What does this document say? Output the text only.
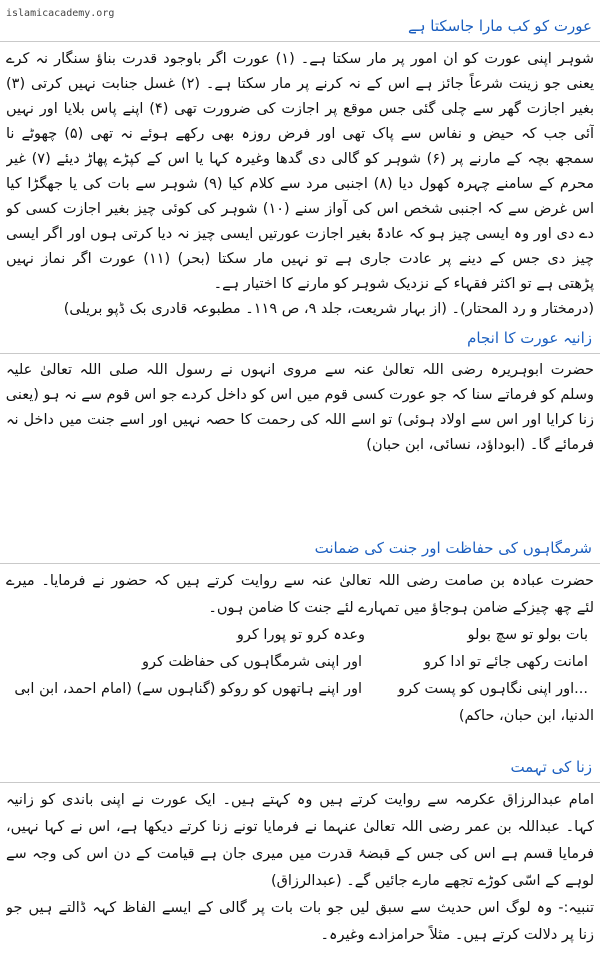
islamicacademy.org
عورت کو کب مارا جاسکتا ہے
شوہر اپنی عورت کو ان امور پر مار سکتا ہے۔ (۱) عورت اگر باوجود قدرت بناؤ سنگار نہ کرے
یعنی جو زینت شرعاً جائز ہے اس کے نہ کرنے پر مار سکتا ہے۔ (۲) غسل جنابت نہیں کرتی (۳)
بغیر اجازت گھر سے چلی گئی جس موقع پر اجازت کی ضرورت تھی (۴) اپنے پاس بلایا اور نہیں
آئی جب کہ حیض و نفاس سے پاک تھی اور فرض روزہ بھی رکھے ہوئے نہ تھی (۵) چھوٹے نا
سمجھ بچہ کے مارنے پر (۶) شوہر کو گالی دی گدھا وغیرہ کہا یا اس کے کپڑے پھاڑ دیئے (۷) غیر
محرم کے سامنے چہرہ کھول دیا (۸) اجنبی مرد سے کلام کیا (۹) شوہر سے بات کی یا جھگڑا کیا
اس غرض سے کہ اجنبی شخص اس کی آواز سنے (۱۰) شوہر کی کوئی چیز بغیر اجازت کسی کو
دے دی اور وہ ایسی چیز ہو کہ عادۃً بغیر اجازت عورتیں ایسی چیز نہ دیا کرتی ہوں اور اگر ایسی
چیز دی جس کے دینے پر عادت جاری ہے تو نہیں مار سکتا (بحر) (۱۱) عورت اگر نماز نہیں
پڑھتی ہے تو اکثر فقہاء کے نزدیک شوہر کو مارنے کا اختیار ہے۔
(درمختار و رد المحتار)۔ (از بہار شریعت، جلد ۹، ص ۱۱۹۔ مطبوعہ قادری بک ڈپو بریلی)
زانیہ عورت کا انجام
حضرت ابوہریرہ رضی اللہ تعالیٰ عنہ سے مروی انہوں نے رسول اللہ صلی اللہ تعالیٰ علیہ
وسلم کو فرماتے سنا کہ جو عورت کسی قوم میں اس کو داخل کردے جو اس قوم سے نہ ہو (یعنی
زنا کرایا اور اس سے اولاد ہوئی) تو اسے اللہ کی رحمت کا حصہ نہیں اور اسے جنت میں داخل نہ
فرمائے گا۔ (ابوداؤد، نسائی، ابن حبان)
شرمگاہوں کی حفاظت اور جنت کی ضمانت
حضرت عبادہ بن صامت رضی اللہ تعالیٰ عنہ سے روایت کرتے ہیں کہ حضور نے فرمایا۔ میرے
لئے چھ چیزکے ضامن ہوجاؤ میں تمہارے لئے جنت کا ضامن ہوں۔
بات بولو تو سچ بولو
وعدہ کرو تو پورا کرو
امانت رکھی جائے تو ادا کرو
اور اپنی شرمگاہوں کی حفاظت کرو
...اور اپنی نگاہوں کو پست کرو
اور اپنے ہاتھوں کو روکو (گناہوں سے) (امام احمد، ابن ابی
الدنیا، ابن حبان، حاکم)
زنا کی تہمت
امام عبدالرزاق عکرمہ سے روایت کرتے ہیں وہ کہتے ہیں۔ ایک عورت نے اپنی باندی کو زانیہ
کہا۔ عبداللہ بن عمر رضی اللہ تعالیٰ عنہما نے فرمایا تونے زنا کرتے دیکھا ہے، اس نے کہا نہیں،
فرمایا قسم ہے اس کی جس کے قبضۂ قدرت میں میری جان ہے قیامت کے دن اس کی وجہ سے
لوہے کے اسّی کوڑے تجھے مارے جائیں گے۔ (عبدالرزاق)
تنبیہ:- وہ لوگ اس حدیث سے سبق لیں جو بات بات پر گالی کے ایسے الفاظ کہہ ڈالتے ہیں جو
زنا پر دلالت کرتے ہیں۔ مثلاً حرامزادے وغیرہ۔
